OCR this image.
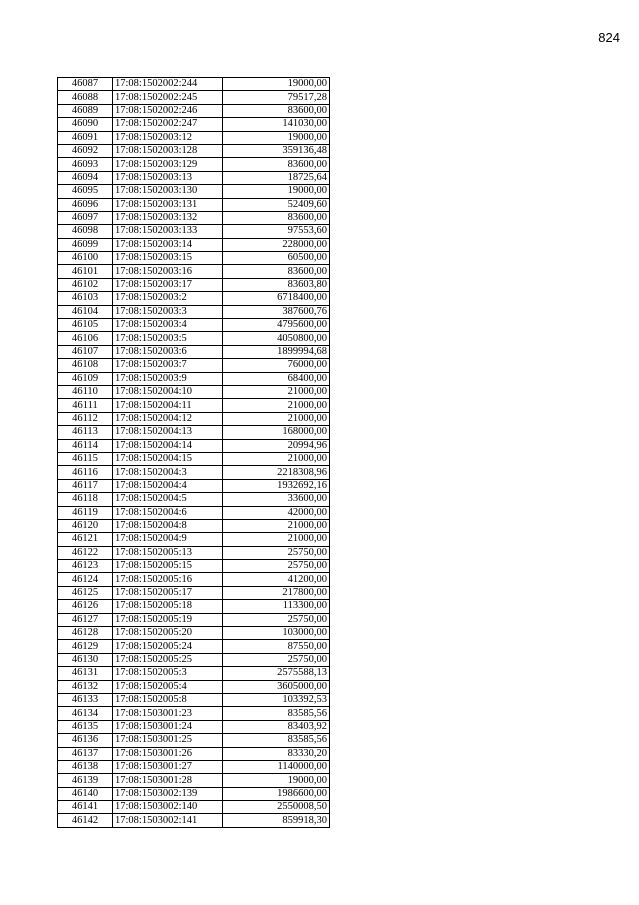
824
46087	17:08:1502002:244	19000,00
46088	17:08:1502002:245	79517,28
46089	17:08:1502002:246	83600,00
46090	17:08:1502002:247	141030,00
46091	17:08:1502003:12	19000,00
46092	17:08:1502003:128	359136,48
46093	17:08:1502003:129	83600,00
46094	17:08:1502003:13	18725,64
46095	17:08:1502003:130	19000,00
46096	17:08:1502003:131	52409,60
46097	17:08:1502003:132	83600,00
46098	17:08:1502003:133	97553,60
46099	17:08:1502003:14	228000,00
46100	17:08:1502003:15	60500,00
46101	17:08:1502003:16	83600,00
46102	17:08:1502003:17	83603,80
46103	17:08:1502003:2	6718400,00
46104	17:08:1502003:3	387600,76
46105	17:08:1502003:4	4795600,00
46106	17:08:1502003:5	4050800,00
46107	17:08:1502003:6	1899994,68
46108	17:08:1502003:7	76000,00
46109	17:08:1502003:9	68400,00
46110	17:08:1502004:10	21000,00
46111	17:08:1502004:11	21000,00
46112	17:08:1502004:12	21000,00
46113	17:08:1502004:13	168000,00
46114	17:08:1502004:14	20994,96
46115	17:08:1502004:15	21000,00
46116	17:08:1502004:3	2218308,96
46117	17:08:1502004:4	1932692,16
46118	17:08:1502004:5	33600,00
46119	17:08:1502004:6	42000,00
46120	17:08:1502004:8	21000,00
46121	17:08:1502004:9	21000,00
46122	17:08:1502005:13	25750,00
46123	17:08:1502005:15	25750,00
46124	17:08:1502005:16	41200,00
46125	17:08:1502005:17	217800,00
46126	17:08:1502005:18	113300,00
46127	17:08:1502005:19	25750,00
46128	17:08:1502005:20	103000,00
46129	17:08:1502005:24	87550,00
46130	17:08:1502005:25	25750,00
46131	17:08:1502005:3	2575588,13
46132	17:08:1502005:4	3605000,00
46133	17:08:1502005:8	103392,53
46134	17:08:1503001:23	83585,56
46135	17:08:1503001:24	83403,92
46136	17:08:1503001:25	83585,56
46137	17:08:1503001:26	83330,20
46138	17:08:1503001:27	1140000,00
46139	17:08:1503001:28	19000,00
46140	17:08:1503002:139	1986600,00
46141	17:08:1503002:140	2550008,50
46142	17:08:1503002:141	859918,30
